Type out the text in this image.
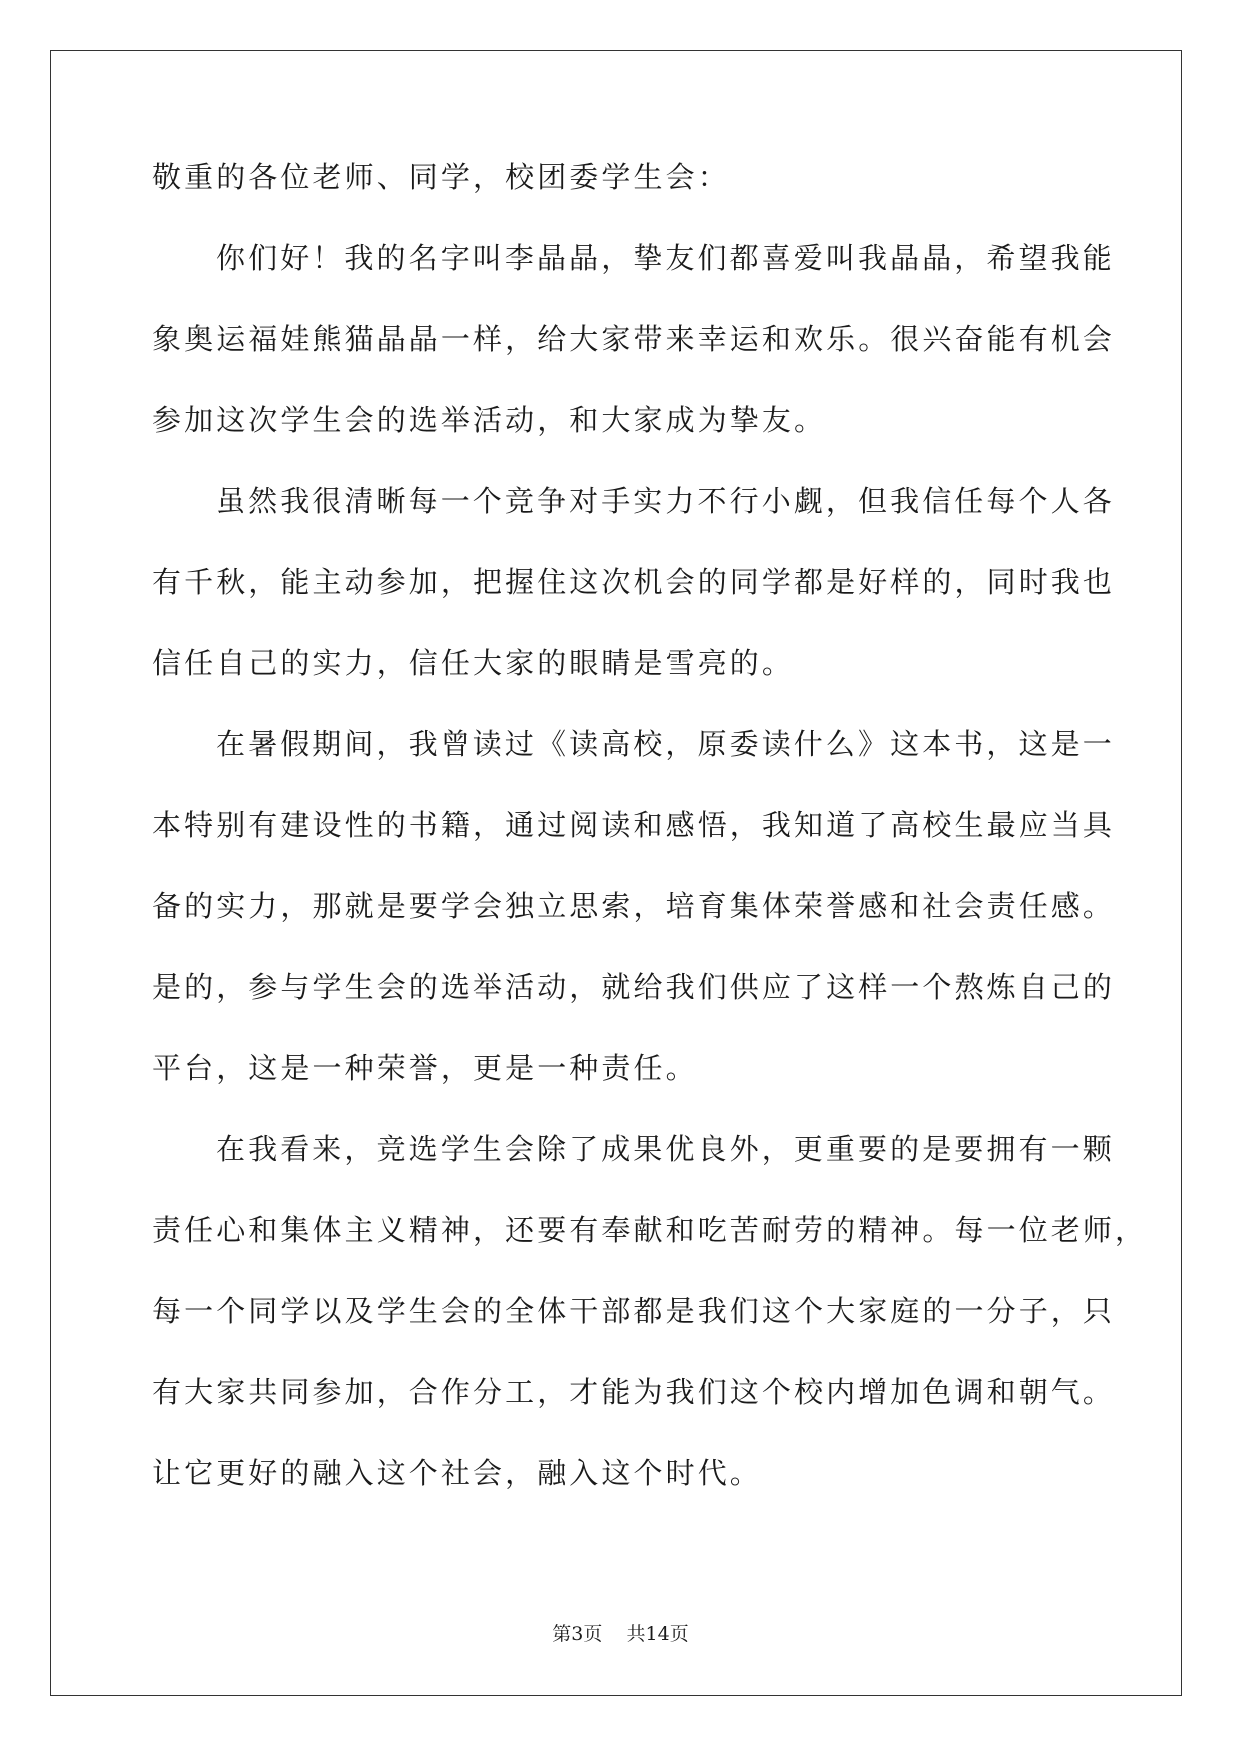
敬重的各位老师、同学，校团委学生会：
你们好！我的名字叫李晶晶，挚友们都喜爱叫我晶晶，希望我能
象奥运福娃熊猫晶晶一样，给大家带来幸运和欢乐。很兴奋能有机会
参加这次学生会的选举活动，和大家成为挚友。
虽然我很清晰每一个竞争对手实力不行小觑，但我信任每个人各
有千秋，能主动参加，把握住这次机会的同学都是好样的，同时我也
信任自己的实力，信任大家的眼睛是雪亮的。
在暑假期间，我曾读过《读高校，原委读什么》这本书，这是一
本特别有建设性的书籍，通过阅读和感悟，我知道了高校生最应当具
备的实力，那就是要学会独立思索，培育集体荣誉感和社会责任感。
是的，参与学生会的选举活动，就给我们供应了这样一个熬炼自己的
平台，这是一种荣誉，更是一种责任。
在我看来，竞选学生会除了成果优良外，更重要的是要拥有一颗
责任心和集体主义精神，还要有奉献和吃苦耐劳的精神。每一位老师，
每一个同学以及学生会的全体干部都是我们这个大家庭的一分子，只
有大家共同参加，合作分工，才能为我们这个校内增加色调和朝气。
让它更好的融入这个社会，融入这个时代。
第3页 共14页
